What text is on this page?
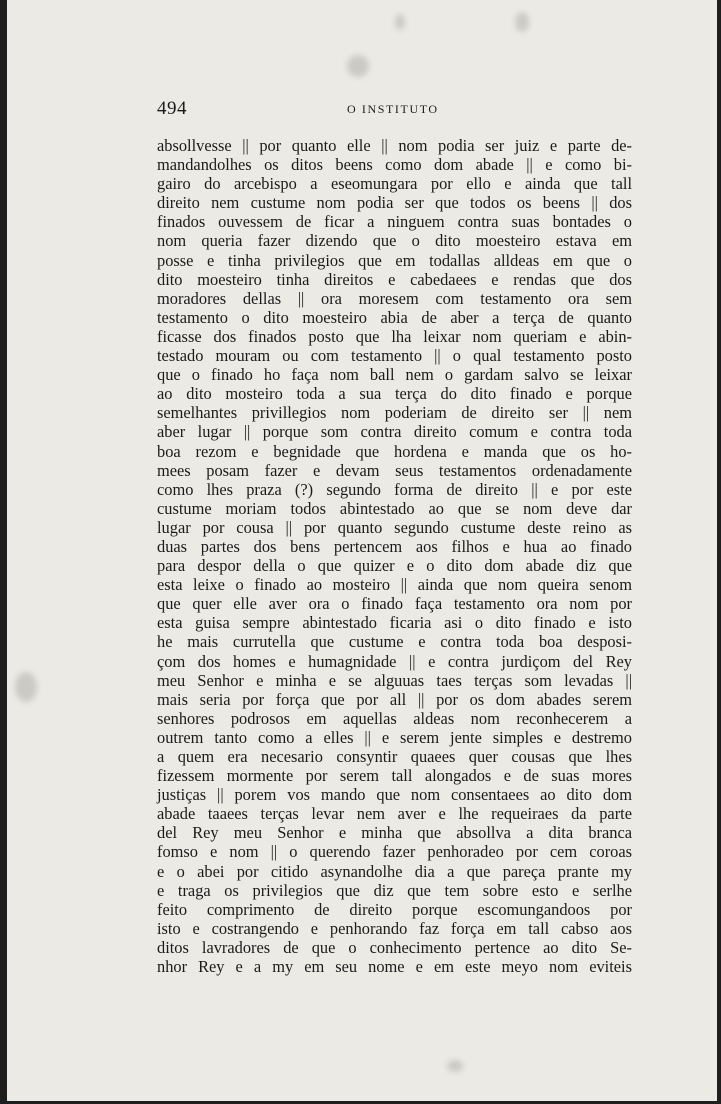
494	O INSTITUTO
absollvesse || por quanto elle || nom podia ser juiz e parte de-
mandandolhes os ditos beens como dom abade || e como bi-
gairo do arcebispo a eseomungara por ello e ainda que tall
direito nem custume nom podia ser que todos os beens || dos
finados ouvessem de ficar a ninguem contra suas bontades o
nom queria fazer dizendo que o dito moesteiro estava em
posse e tinha privilegios que em todallas alldeas em que o
dito moesteiro tinha direitos e cabedaees e rendas que dos
moradores dellas || ora moresem com testamento ora sem
testamento o dito moesteiro abia de aber a terça de quanto
ficasse dos finados posto que lha leixar nom queriam e abin-
testado mouram ou com testamento || o qual testamento posto
que o finado ho faça nom ball nem o gardam salvo se leixar
ao dito mosteiro toda a sua terça do dito finado e porque
semelhantes privillegios nom poderiam de direito ser || nem
aber lugar || porque som contra direito comum e contra toda
boa rezom e begnidade que hordena e manda que os ho-
mees posam fazer e devam seus testamentos ordenadamente
como lhes praza (?) segundo forma de direito || e por este
custume moriam todos abintestado ao que se nom deve dar
lugar por cousa || por quanto segundo custume deste reino as
duas partes dos bens pertencem aos filhos e hua ao finado
para despor della o que quizer e o dito dom abade diz que
esta leixe o finado ao mosteiro || ainda que nom queira senom
que quer elle aver ora o finado faça testamento ora nom por
esta guisa sempre abintestado ficaria asi o dito finado e isto
he mais currutella que custume e contra toda boa desposi-
çom dos homes e humagnidade || e contra jurdiçom del Rey
meu Senhor e minha e se alguuas taes terças som levadas ||
mais seria por força que por all || por os dom abades serem
senhores podrosos em aquellas aldeas nom reconhecerem a
outrem tanto como a elles || e serem jente simples e destremo
a quem era necesario consyntir quaees quer cousas que lhes
fizessem mormente por serem tall alongados e de suas mores
justiças || porem vos mando que nom consentaees ao dito dom
abade taaees terças levar nem aver e lhe requeiraes da parte
del Rey meu Senhor e minha que absollva a dita branca
fomso e nom || o querendo fazer penhoradeo por cem coroas
e o abei por citido asynandolhe dia a que pareça prante my
e traga os privilegios que diz que tem sobre esto e serlhe
feito comprimento de direito porque escomungandoos por
isto e costrangendo e penhorando faz força em tall cabso aos
ditos lavradores de que o conhecimento pertence ao dito Se-
nhor Rey e a my em seu nome e em este meyo nom eviteis
